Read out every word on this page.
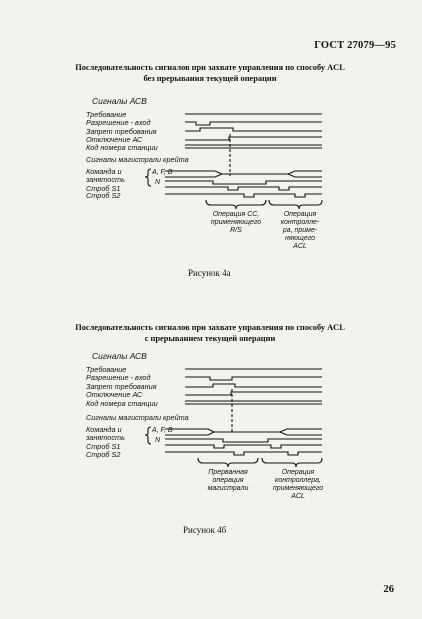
ГОСТ 27079—95
Последовательность сигналов при захвате управления по способу ACL
без прерывания текущей операции
Последовательность сигналов при захвате управления по способу ACL
с прерыванием текущей операции
Сигналы АСВ
Требование
Разрешение - вход
Запрет требования
Отключение АС
Код номера станции
Сигналы магистрали крейта
Команда и
занятость
A, F, B
N
Строб S1
Строб S2
Операция СС,
применяющего
R/S
Операция
контролле-
ра, приме-
няющего
ACL
Сигналы АСВ
Требование
Разрешение - вход
Запрет требования
Отключение АС
Код номера станции
Сигналы магистрали крейта
Команда и
занятость
A, F, B
N
Строб S1
Строб S2
Прерванная
операция
магистрали
Операция
контроллера,
применяющего
ACL
Рисунок 4а
Рисунок 4б
26
